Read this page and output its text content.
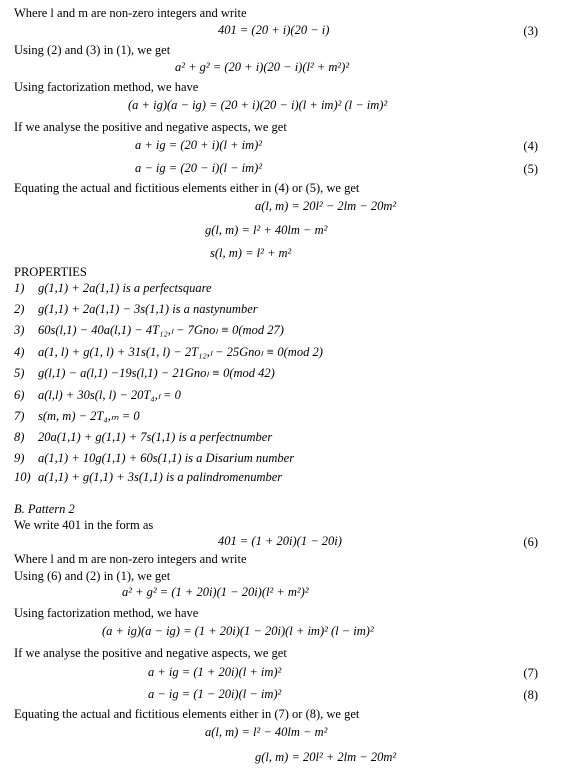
Where l and m are non-zero integers and write
401 = (20 + i)(20 − i)	(3)
Using (2) and (3) in (1), we get
a² + g² = (20 + i)(20 − i)(l² + m²)²
Using factorization method, we have
(a + ig)(a − ig) = (20 + i)(20 − i)(l + im)² (l − im)²
If we analyse the positive and negative aspects, we get
a + ig = (20 + i)(l + im)²	(4)
a − ig = (20 − i)(l − im)²	(5)
Equating the actual and fictitious elements either in (4) or (5), we get
a(l, m) = 20l² − 2lm − 20m²
g(l, m) = l² + 40lm − m²
s(l, m) = l² + m²
PROPERTIES
1) g(1,1) + 2a(1,1) is a perfectsquare
2) g(1,1) + 2a(1,1) − 3s(1,1) is a nastynumber
3) 60s(l,1) − 40a(l,1) − 4T₁₂,ₗ − 7Gnoₗ ≡ 0(mod 27)
4) a(1, l) + g(1, l) + 31s(1, l) − 2T₁₂,ₗ − 25Gnoₗ ≡ 0(mod 2)
5) g(l,1) − a(l,1) −19s(l,1) − 21Gnoₗ ≡ 0(mod 42)
6) a(l,l) + 30s(l, l) − 20T₄,ₗ = 0
7) s(m, m) − 2T₄,ₘ = 0
8) 20a(1,1) + g(1,1) + 7s(1,1) is a perfectnumber
9) a(1,1) + 10g(1,1) + 60s(1,1) is a Disarium number
10) a(1,1) + g(1,1) + 3s(1,1) is a palindromenumber
B. Pattern 2
We write 401 in the form as
401 = (1 + 20i)(1 − 20i)	(6)
Where l and m are non-zero integers and write
Using (6) and (2) in (1), we get
a² + g² = (1 + 20i)(1 − 20i)(l² + m²)²
Using factorization method, we have
(a + ig)(a − ig) = (1 + 20i)(1 − 20i)(l + im)² (l − im)²
If we analyse the positive and negative aspects, we get
a + ig = (1 + 20i)(l + im)²	(7)
a − ig = (1 − 20i)(l − im)²	(8)
Equating the actual and fictitious elements either in (7) or (8), we get
a(l, m) = l² − 40lm − m²
g(l, m) = 20l² + 2lm − 20m²
